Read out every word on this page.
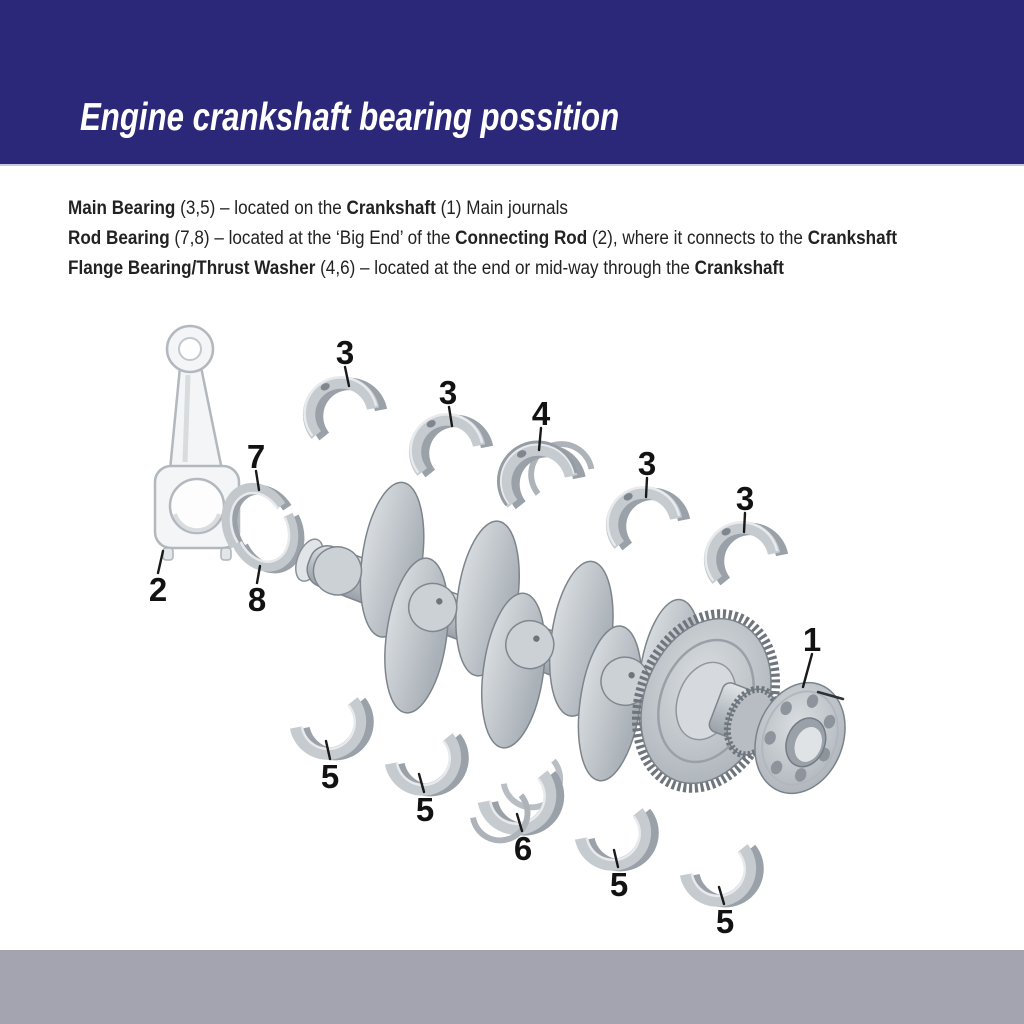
Engine crankshaft bearing possition

Main Bearing (3,5) – located on the Crankshaft (1) Main journals

Rod Bearing (7,8) – located at the ‘Big End’ of the Connecting Rod (2), where it connects to the Crankshaft

Flange Bearing/Thrust Washer (4,6) – located at the end or mid-way through the Crankshaft

1
2
3
3
4
3
3
5
5
6
5
5
7
8
